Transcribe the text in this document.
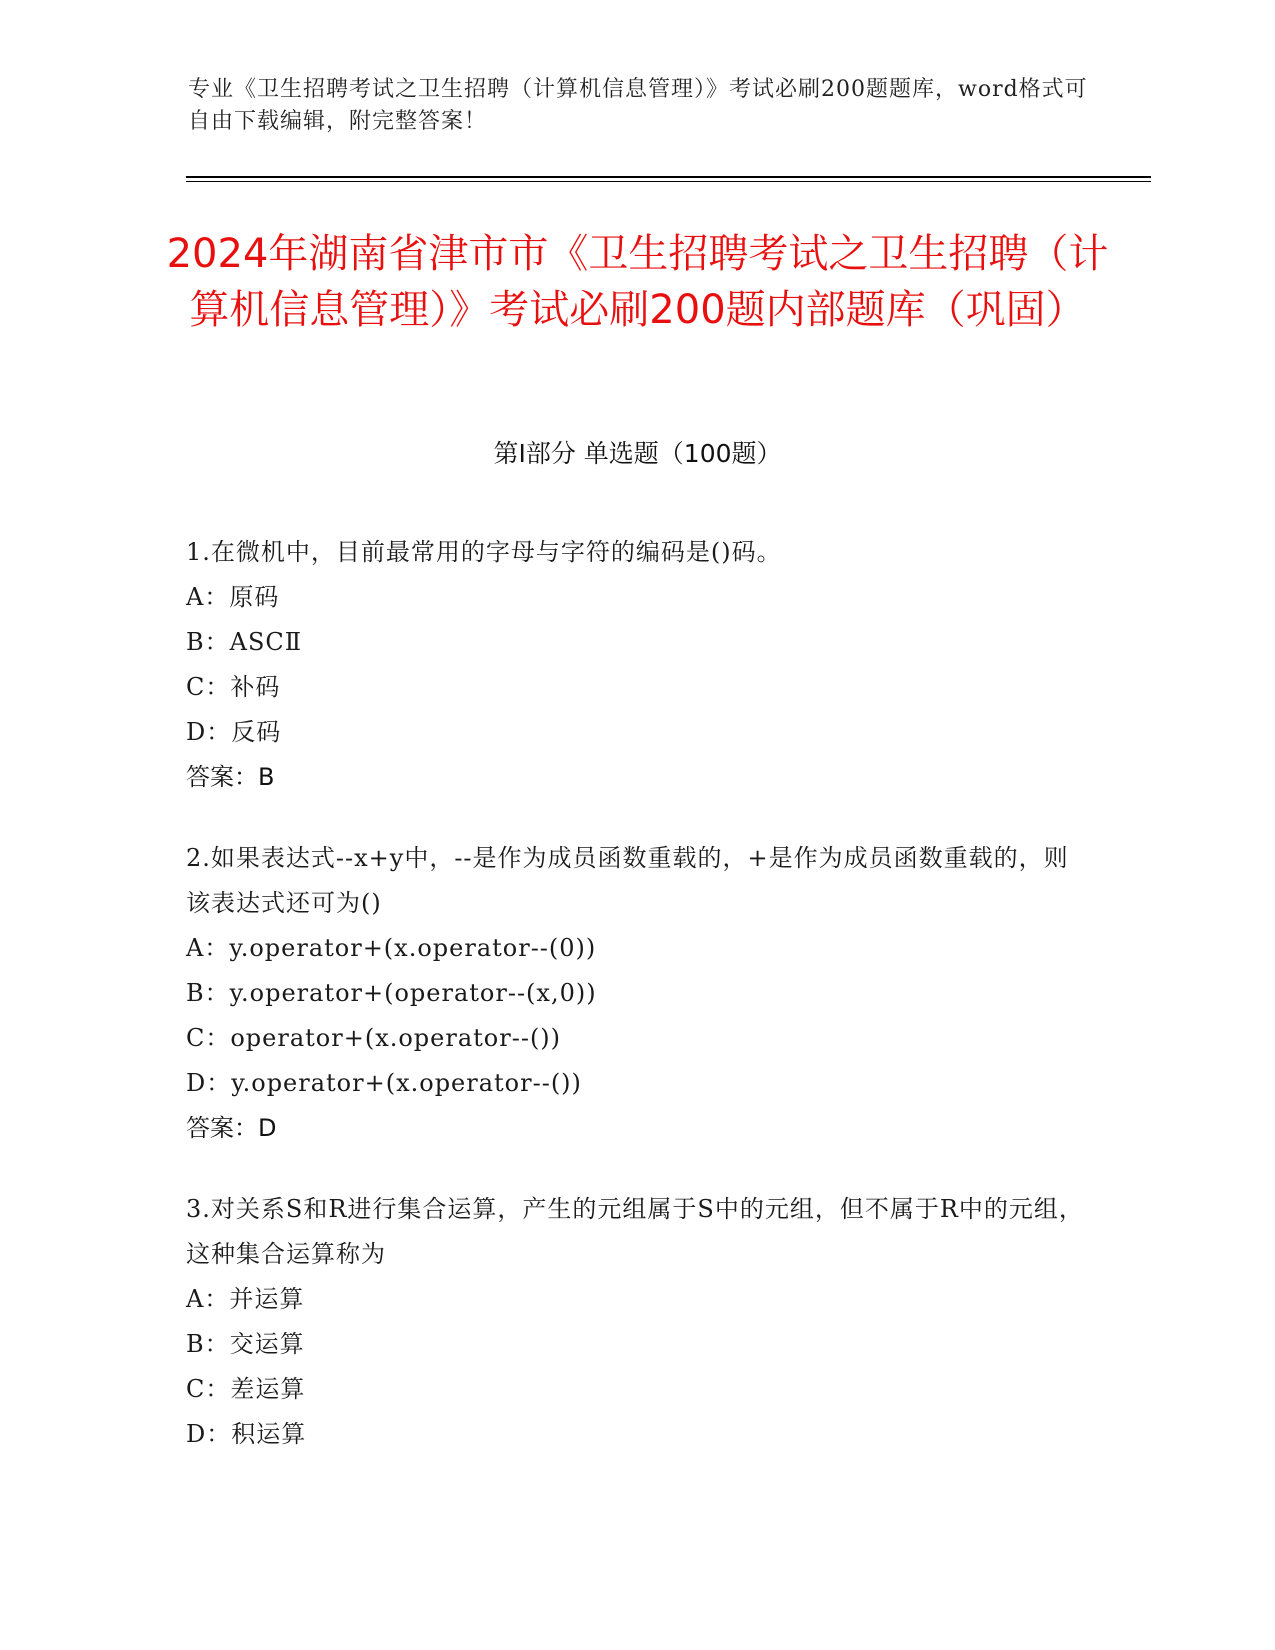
专业《卫生招聘考试之卫生招聘（计算机信息管理）》考试必刷200题题库，word格式可自由下载编辑，附完整答案！
2024年湖南省津市市《卫生招聘考试之卫生招聘（计算机信息管理）》考试必刷200题内部题库（巩固）
第I部分 单选题（100题）
1.在微机中，目前最常用的字母与字符的编码是()码。
A：原码
B：ASCⅡ
C：补码
D：反码
答案：B
2.如果表达式--x+y中，--是作为成员函数重载的，+是作为成员函数重载的，则该表达式还可为()
A：y.operator+(x.operator--(0))
B：y.operator+(operator--(x,0))
C：operator+(x.operator--())
D：y.operator+(x.operator--())
答案：D
3.对关系S和R进行集合运算，产生的元组属于S中的元组，但不属于R中的元组，这种集合运算称为
A：并运算
B：交运算
C：差运算
D：积运算
